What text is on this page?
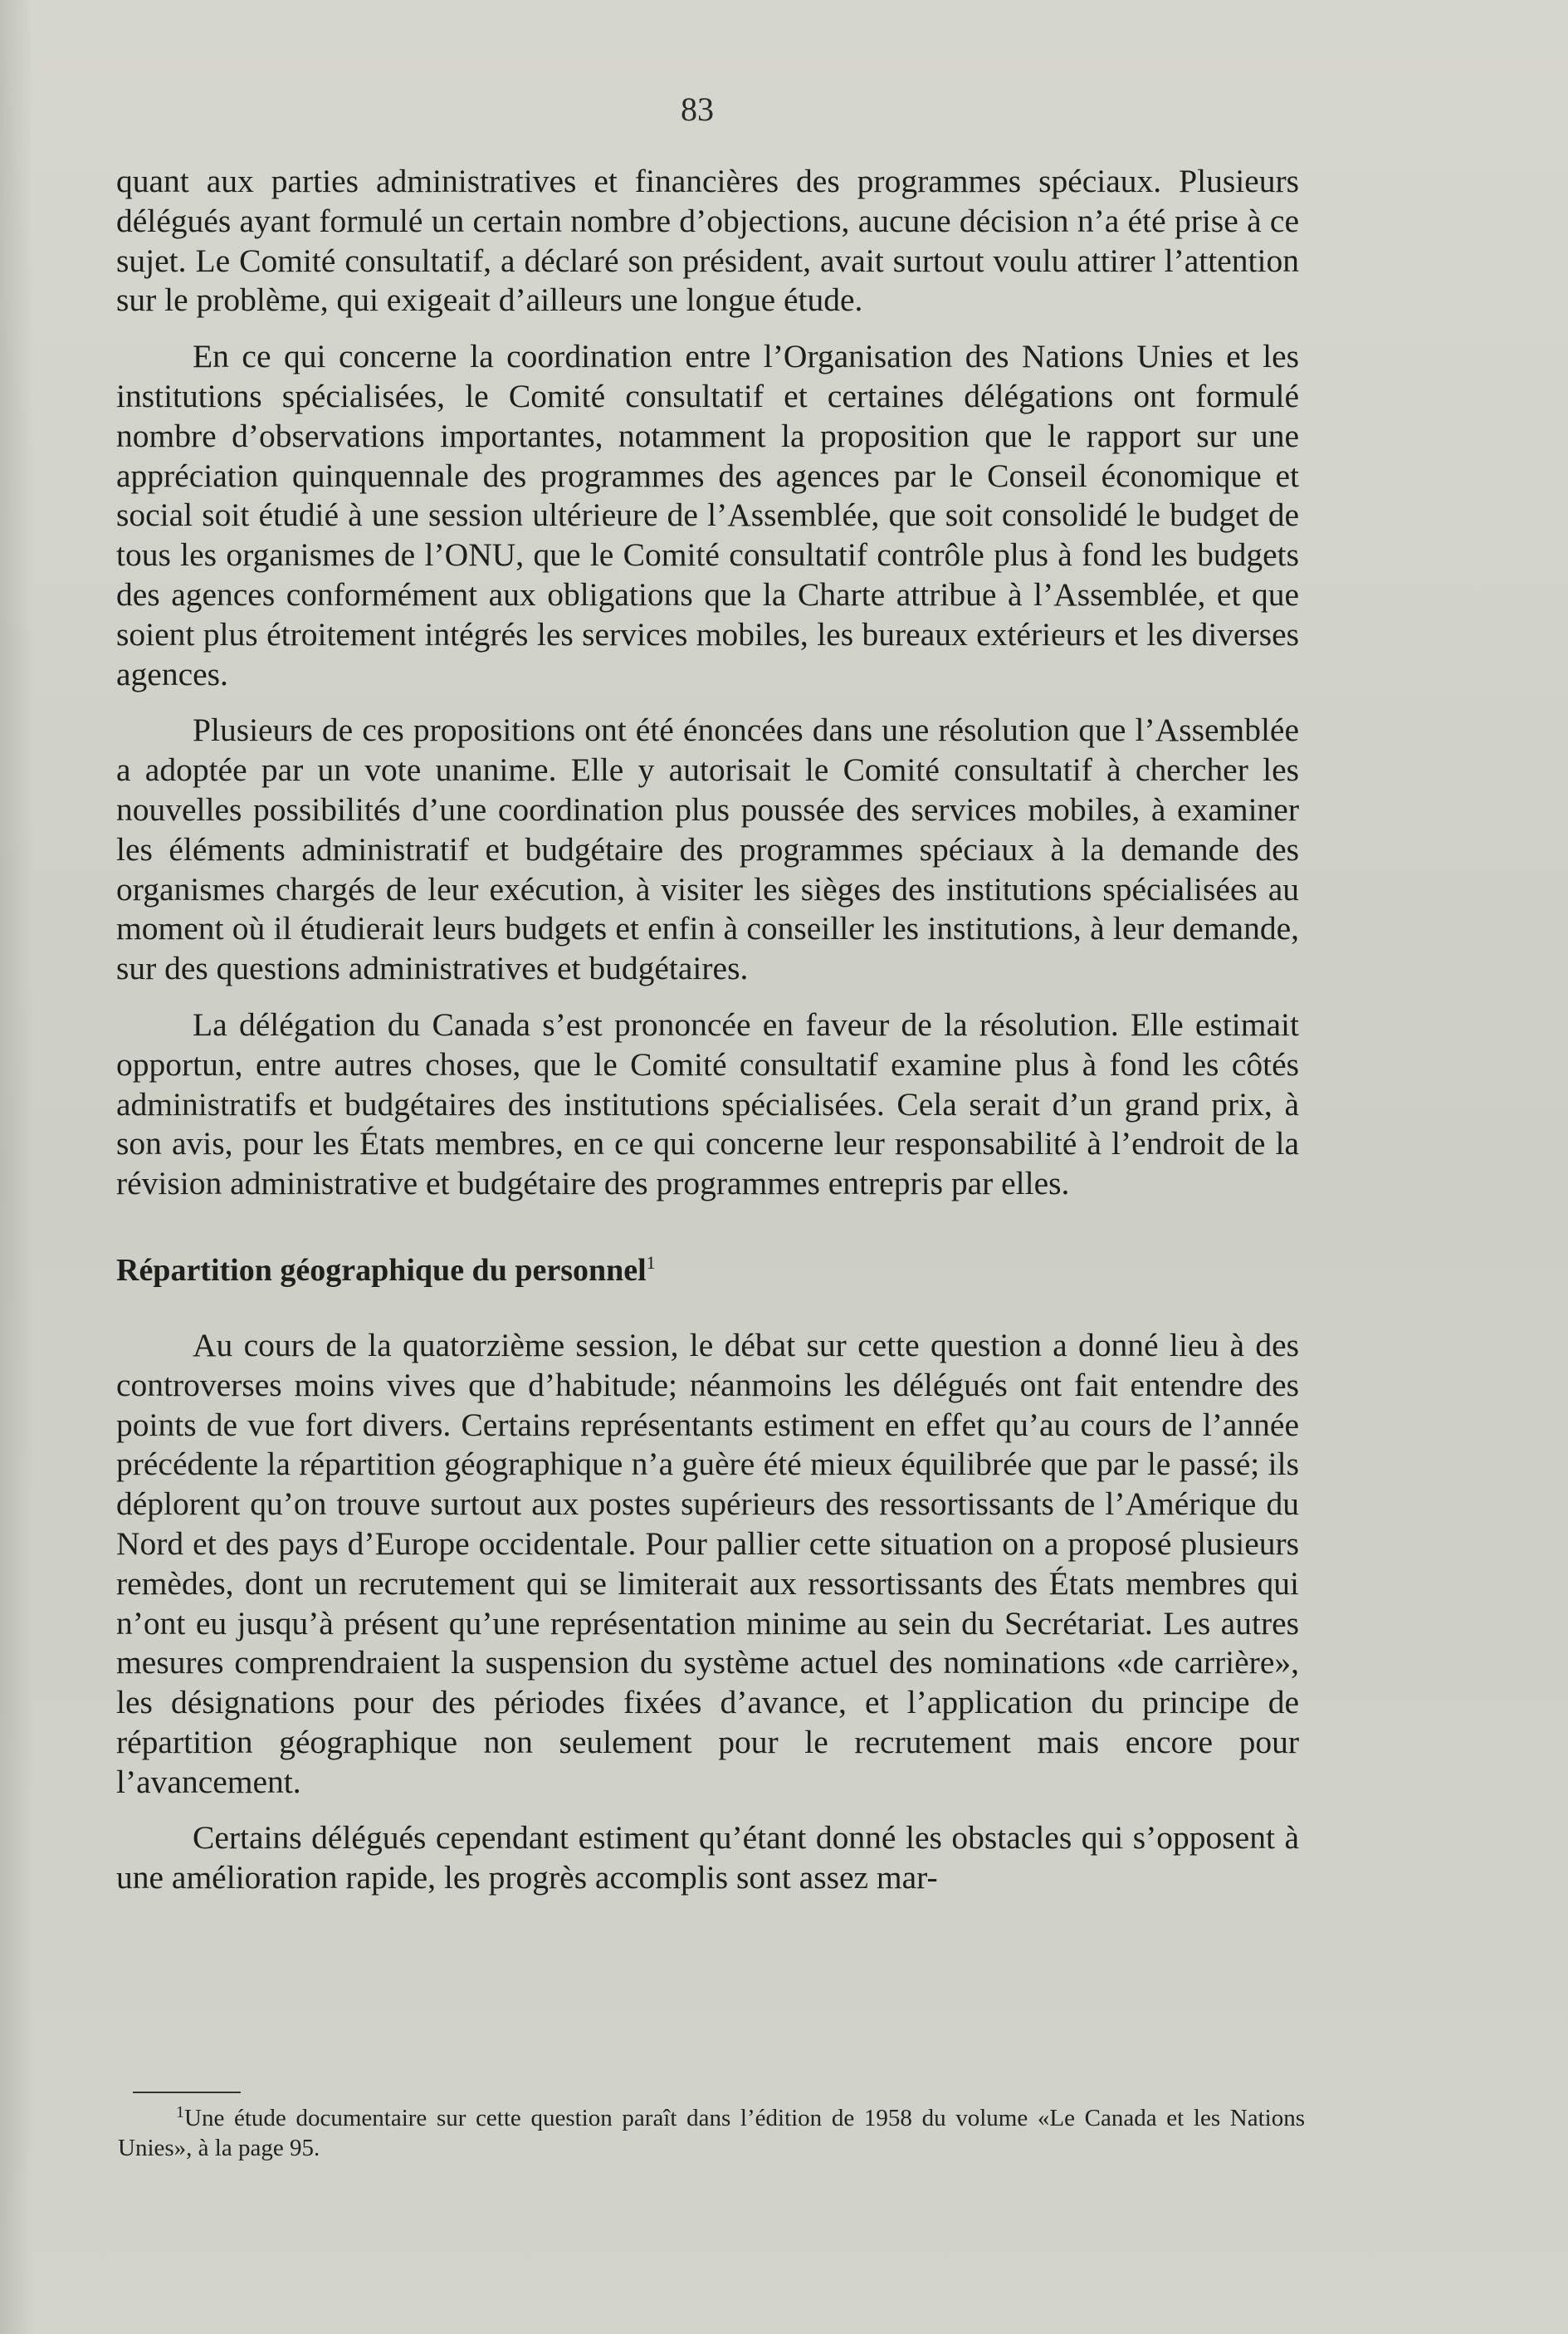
83

quant aux parties administratives et financières des programmes spéciaux. Plusieurs délégués ayant formulé un certain nombre d’objections, aucune décision n’a été prise à ce sujet. Le Comité consultatif, a déclaré son président, avait surtout voulu attirer l’attention sur le problème, qui exigeait d’ailleurs une longue étude.

En ce qui concerne la coordination entre l’Organisation des Nations Unies et les institutions spécialisées, le Comité consultatif et certaines délégations ont formulé nombre d’observations importantes, notamment la proposition que le rapport sur une appréciation quinquennale des programmes des agences par le Conseil économique et social soit étudié à une session ultérieure de l’Assemblée, que soit consolidé le budget de tous les organismes de l’ONU, que le Comité consultatif contrôle plus à fond les budgets des agences conformément aux obligations que la Charte attribue à l’Assemblée, et que soient plus étroitement intégrés les services mobiles, les bureaux extérieurs et les diverses agences.

Plusieurs de ces propositions ont été énoncées dans une résolution que l’Assemblée a adoptée par un vote unanime. Elle y autorisait le Comité consultatif à chercher les nouvelles possibilités d’une coordination plus poussée des services mobiles, à examiner les éléments administratif et budgétaire des programmes spéciaux à la demande des organismes chargés de leur exécution, à visiter les sièges des institutions spécialisées au moment où il étudierait leurs budgets et enfin à conseiller les institutions, à leur demande, sur des questions administratives et budgétaires.

La délégation du Canada s’est prononcée en faveur de la résolution. Elle estimait opportun, entre autres choses, que le Comité consultatif examine plus à fond les côtés administratifs et budgétaires des institutions spécialisées. Cela serait d’un grand prix, à son avis, pour les États membres, en ce qui concerne leur responsabilité à l’endroit de la révision administrative et budgétaire des programmes entrepris par elles.

Répartition géographique du personnel$^1$

Au cours de la quatorzième session, le débat sur cette question a donné lieu à des controverses moins vives que d’habitude; néanmoins les délégués ont fait entendre des points de vue fort divers. Certains représentants estiment en effet qu’au cours de l’année précédente la répartition géographique n’a guère été mieux équilibrée que par le passé; ils déplorent qu’on trouve surtout aux postes supérieurs des ressortissants de l’Amérique du Nord et des pays d’Europe occidentale. Pour pallier cette situation on a proposé plusieurs remèdes, dont un recrutement qui se limiterait aux ressortissants des États membres qui n’ont eu jusqu’à présent qu’une représentation minime au sein du Secrétariat. Les autres mesures comprendraient la suspension du système actuel des nominations «de carrière», les désignations pour des périodes fixées d’avance, et l’application du principe de répartition géographique non seulement pour le recrutement mais encore pour l’avancement.

Certains délégués cependant estiment qu’étant donné les obstacles qui s’opposent à une amélioration rapide, les progrès accomplis sont assez mar-

$^1$Une étude documentaire sur cette question paraît dans l’édition de 1958 du volume «Le Canada et les Nations Unies», à la page 95.
